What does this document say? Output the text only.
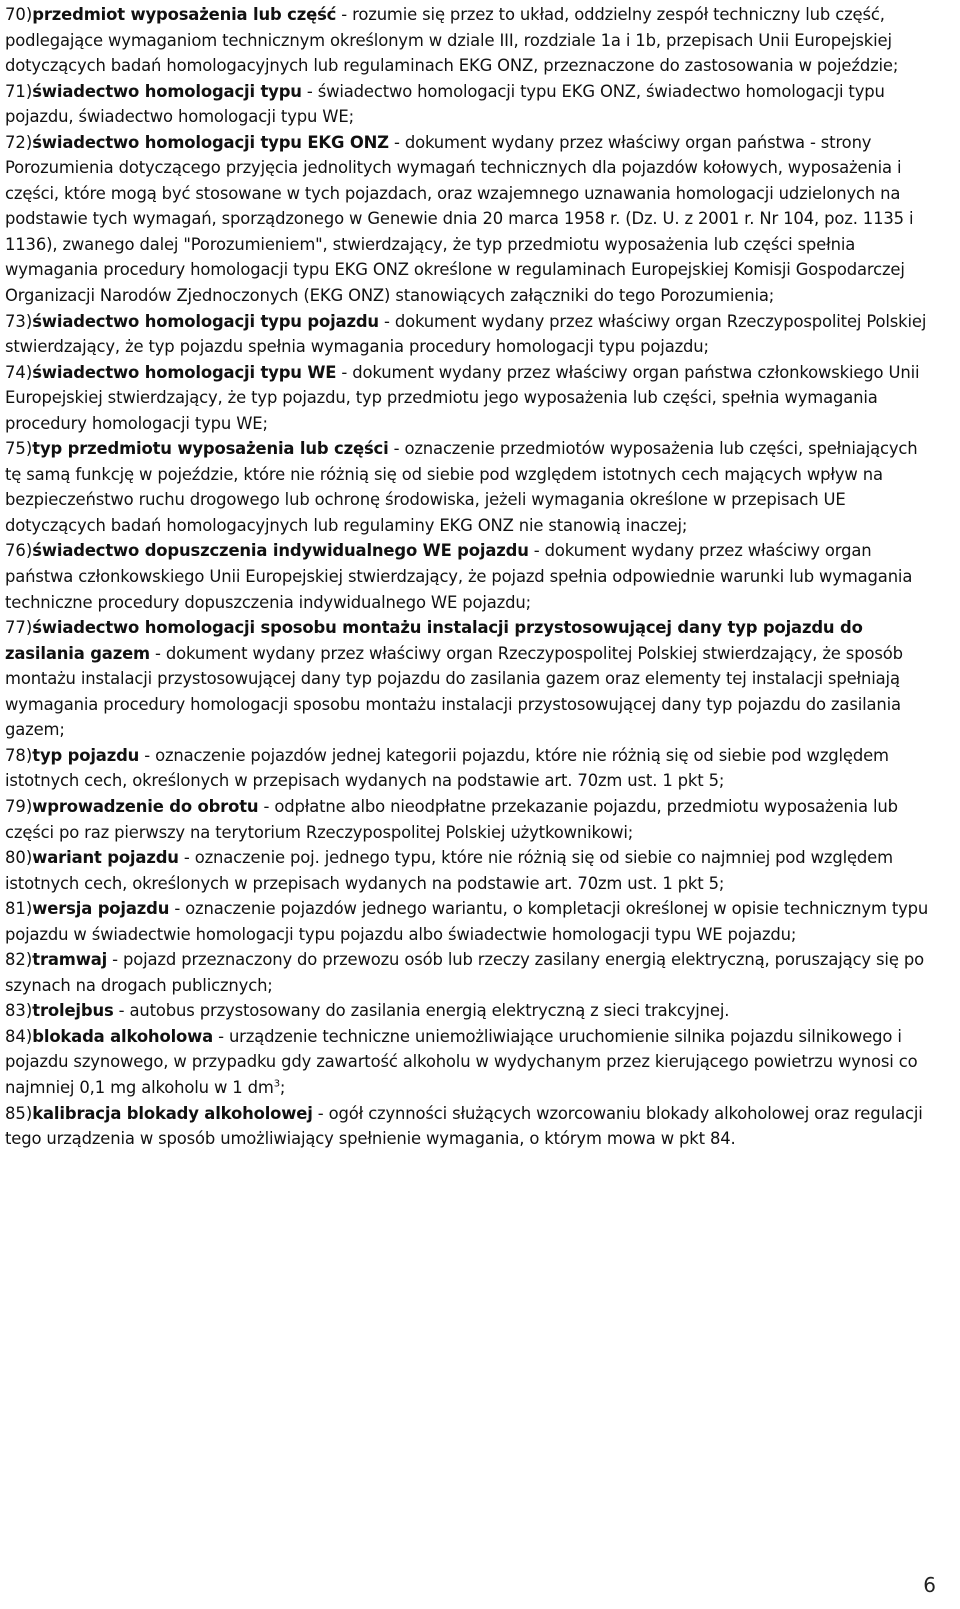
70)przedmiot wyposażenia lub część - rozumie się przez to układ, oddzielny zespół techniczny lub część, podlegające wymaganiom technicznym określonym w dziale III, rozdziale 1a i 1b, przepisach Unii Europejskiej dotyczących badań homologacyjnych lub regulaminach EKG ONZ, przeznaczone do zastosowania w pojeździe;

71)świadectwo homologacji typu - świadectwo homologacji typu EKG ONZ, świadectwo homologacji typu pojazdu, świadectwo homologacji typu WE;

72)świadectwo homologacji typu EKG ONZ - dokument wydany przez właściwy organ państwa - strony Porozumienia dotyczącego przyjęcia jednolitych wymagań technicznych dla pojazdów kołowych, wyposażenia i części, które mogą być stosowane w tych pojazdach, oraz wzajemnego uznawania homologacji udzielonych na podstawie tych wymagań, sporządzonego w Genewie dnia 20 marca 1958 r. (Dz. U. z 2001 r. Nr 104, poz. 1135 i 1136), zwanego dalej "Porozumieniem", stwierdzający, że typ przedmiotu wyposażenia lub części spełnia wymagania procedury homologacji typu EKG ONZ określone w regulaminach Europejskiej Komisji Gospodarczej Organizacji Narodów Zjednoczonych (EKG ONZ) stanowiących załączniki do tego Porozumienia;

73)świadectwo homologacji typu pojazdu - dokument wydany przez właściwy organ Rzeczypospolitej Polskiej stwierdzający, że typ pojazdu spełnia wymagania procedury homologacji typu pojazdu;

74)świadectwo homologacji typu WE - dokument wydany przez właściwy organ państwa członkowskiego Unii Europejskiej stwierdzający, że typ pojazdu, typ przedmiotu jego wyposażenia lub części, spełnia wymagania procedury homologacji typu WE;

75)typ przedmiotu wyposażenia lub części - oznaczenie przedmiotów wyposażenia lub części, spełniających tę samą funkcję w pojeździe, które nie różnią się od siebie pod względem istotnych cech mających wpływ na bezpieczeństwo ruchu drogowego lub ochronę środowiska, jeżeli wymagania określone w przepisach UE dotyczących badań homologacyjnych lub regulaminy EKG ONZ nie stanowią inaczej;

76)świadectwo dopuszczenia indywidualnego WE pojazdu - dokument wydany przez właściwy organ państwa członkowskiego Unii Europejskiej stwierdzający, że pojazd spełnia odpowiednie warunki lub wymagania techniczne procedury dopuszczenia indywidualnego WE pojazdu;

77)świadectwo homologacji sposobu montażu instalacji przystosowującej dany typ pojazdu do zasilania gazem - dokument wydany przez właściwy organ Rzeczypospolitej Polskiej stwierdzający, że sposób montażu instalacji przystosowującej dany typ pojazdu do zasilania gazem oraz elementy tej instalacji spełniają wymagania procedury homologacji sposobu montażu instalacji przystosowującej dany typ pojazdu do zasilania gazem;

78)typ pojazdu - oznaczenie pojazdów jednej kategorii pojazdu, które nie różnią się od siebie pod względem istotnych cech, określonych w przepisach wydanych na podstawie art. 70zm ust. 1 pkt 5;

79)wprowadzenie do obrotu - odpłatne albo nieodpłatne przekazanie pojazdu, przedmiotu wyposażenia lub części po raz pierwszy na terytorium Rzeczypospolitej Polskiej użytkownikowi;

80)wariant pojazdu - oznaczenie poj. jednego typu, które nie różnią się od siebie co najmniej pod względem istotnych cech, określonych w przepisach wydanych na podstawie art. 70zm ust. 1 pkt 5;

81)wersja pojazdu - oznaczenie pojazdów jednego wariantu, o kompletacji określonej w opisie technicznym typu pojazdu w świadectwie homologacji typu pojazdu albo świadectwie homologacji typu WE pojazdu;

82)tramwaj - pojazd przeznaczony do przewozu osób lub rzeczy zasilany energią elektryczną, poruszający się po szynach na drogach publicznych;

83)trolejbus - autobus przystosowany do zasilania energią elektryczną z sieci trakcyjnej.

84)blokada alkoholowa - urządzenie techniczne uniemożliwiające uruchomienie silnika pojazdu silnikowego i pojazdu szynowego, w przypadku gdy zawartość alkoholu w wydychanym przez kierującego powietrzu wynosi co najmniej 0,1 mg alkoholu w 1 $dm^3$;

85)kalibracja blokady alkoholowej - ogół czynności służących wzorcowaniu blokady alkoholowej oraz regulacji tego urządzenia w sposób umożliwiający spełnienie wymagania, o którym mowa w pkt 84.

6
